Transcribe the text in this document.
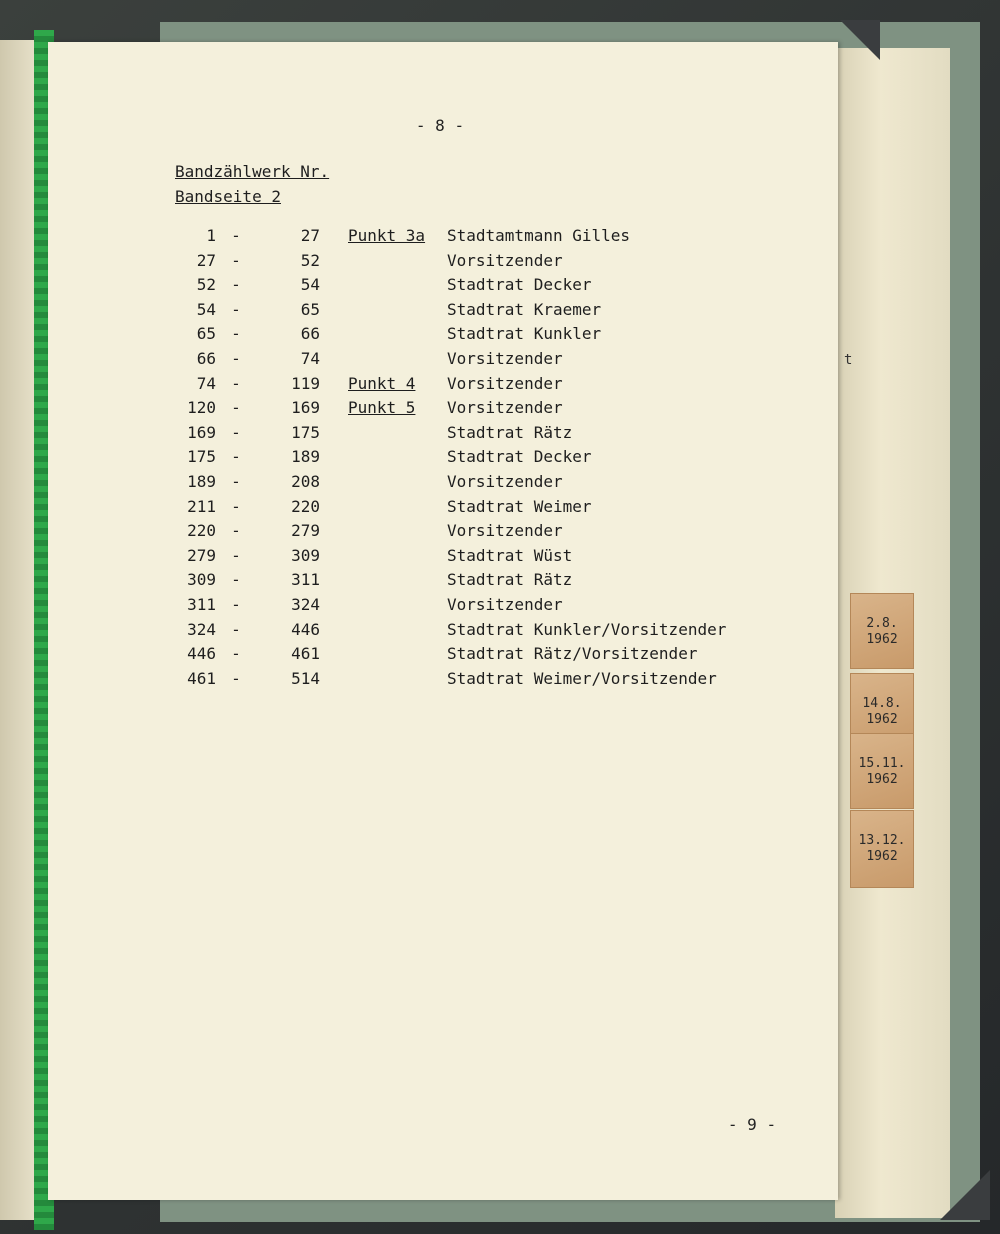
- 8 -
Bandzählwerk Nr.
Bandseite 2
1 -	27 Punkt 3a Stadtamtmann Gilles
27 -	52	Vorsitzender
52 -	54	Stadtrat Decker
54 -	65	Stadtrat Kraemer
65 -	66	Stadtrat Kunkler
66 -	74	Vorsitzender
74 -	119 Punkt 4 Vorsitzender
120 -	169 Punkt 5 Vorsitzender
169 -	175	Stadtrat Rätz
175 -	189	Stadtrat Decker
189 -	208	Vorsitzender
211 -	220	Stadtrat Weimer
220 -	279	Vorsitzender
279 -	309	Stadtrat Wüst
309 -	311	Stadtrat Rätz
311 -	324	Vorsitzender
324 -	446	Stadtrat Kunkler/Vorsitzender
446 -	461	Stadtrat Rätz/Vorsitzender
461 -	514	Stadtrat Weimer/Vorsitzender
- 9 -
t
2.8.
1962
14.8.
1962
15.11.
1962
13.12.
1962
